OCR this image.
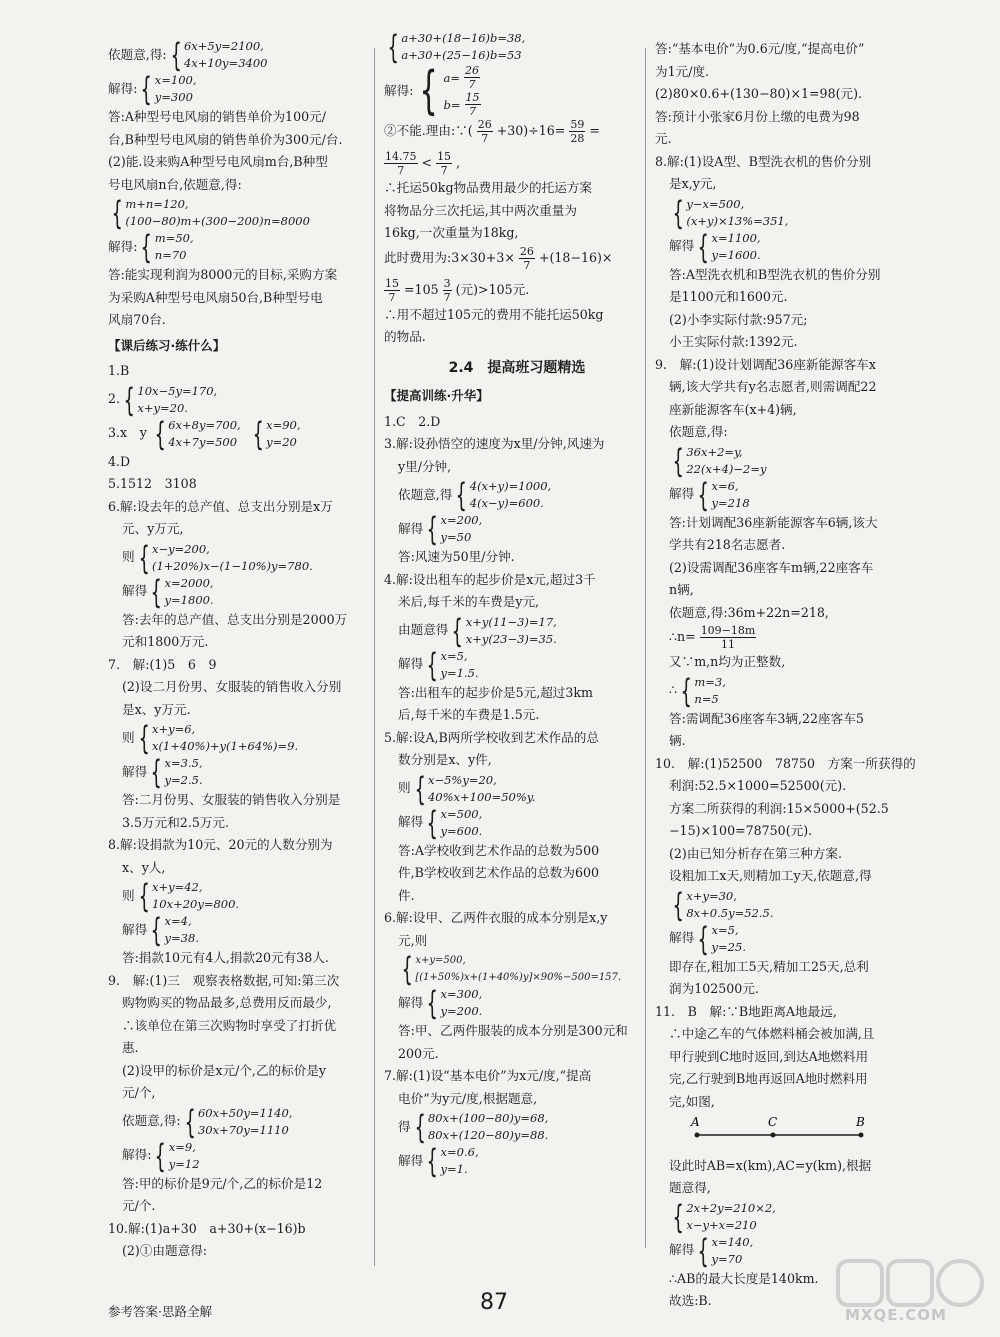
依题意,得: { 6x+5y=2100,
4x+10y=3400
解得: { x=100,
y=300
答:A种型号电风扇的销售单价为100元/
台,B种型号电风扇的销售单价为300元/台.
(2)能.设来购A种型号电风扇m台,B种型
号电风扇n台,依题意,得:
{ m+n=120,
(100−80)m+(300−200)n=8000
解得: { m=50,
n=70
答:能实现利润为8000元的目标,采购方案
为采购A种型号电风扇50台,B种型号电
风扇70台.
【课后练习·练什么】
1.B
2. { 10x−5y=170,
x+y=20.
3.x　y
{ 6x+8y=700,
4x+7y=500
{ x=90,
y=20
4.D
5.1512　3108
6.解:设去年的总产值、总支出分别是x万
元、y万元,
则 { x−y=200,
(1+20%)x−(1−10%)y=780.
解得 { x=2000,
y=1800.
答:去年的总产值、总支出分别是2000万
元和1800万元.
7.　解:(1)5　6　9
(2)设二月份男、女服装的销售收入分别
是x、y万元.
则 { x+y=6,
x(1+40%)+y(1+64%)=9.
解得 { x=3.5,
y=2.5.
答:二月份男、女服装的销售收入分别是
3.5万元和2.5万元.
8.解:设捐款为10元、20元的人数分别为
x、y人,
则 { x+y=42,
10x+20y=800.
解得 { x=4,
y=38.
答:捐款10元有4人,捐款20元有38人.
9.　解:(1)三　观察表格数据,可知:第三次
购物购买的物品最多,总费用反而最少,
∴该单位在第三次购物时享受了打折优
惠.
(2)设甲的标价是x元/个,乙的标价是y
元/个,
依题意,得: { 60x+50y=1140,
30x+70y=1110
解得: { x=9,
y=12
答:甲的标价是9元/个,乙的标价是12
元/个.
10.解:(1)a+30　a+30+(x−16)b
(2)①由题意得:
{ a+30+(18−16)b=38,
a+30+(25−16)b=53
解得: { $a= \frac{26}{7}$
$b= \frac{15}{7}$
②不能.理由:∵( $\frac{26}{7} +30)\div 16= \frac{59}{28}$ =

$\frac{14.75}{7} < \frac{15}{7}$ ,
∴托运50kg物品费用最少的托运方案
将物品分三次托运,其中两次重量为
16kg,一次重量为18kg,
此时费用为:3×30+3× $\frac{26}{7} +(18-16)\times$

$\frac{15}{7} =105 \frac{3}{7}$ (元)>105元.
∴用不超过105元的费用不能托运50kg
的物品.
2.4　提高班习题精选
【提高训练·升华】
1.C　2.D
3.解:设孙悟空的速度为x里/分钟,风速为
y里/分钟,
依题意,得 { 4(x+y)=1000,
4(x−y)=600.
解得 { x=200,
y=50
答:风速为50里/分钟.
4.解:设出租车的起步价是x元,超过3千
米后,每千米的车费是y元,
由题意得 { x+y(11−3)=17,
x+y(23−3)=35.
解得 { x=5,
y=1.5.
答:出租车的起步价是5元,超过3km
后,每千米的车费是1.5元.
5.解:设A,B两所学校收到艺术作品的总
数分别是x、y件,
则 { x−5%y=20,
40%x+100=50%y.
解得 { x=500,
y=600.
答:A学校收到艺术作品的总数为500
件,B学校收到艺术作品的总数为600
件.
6.解:设甲、乙两件衣服的成本分别是x,y
元,则
{ x+y=500,
[(1+50%)x+(1+40%)y]×90%−500=157.
解得 { x=300,
y=200.
答:甲、乙两件服装的成本分别是300元和
200元.
7.解:(1)设“基本电价”为x元/度,“提高
电价”为y元/度,根据题意,
得 { 80x+(100−80)y=68,
80x+(120−80)y=88.
解得 { x=0.6,
y=1.
答:“基本电价”为0.6元/度,“提高电价”
为1元/度.
(2)80×0.6+(130−80)×1=98(元).
答:预计小张家6月份上缴的电费为98
元.
8.解:(1)设A型、B型洗衣机的售价分别
是x,y元,
{ y−x=500,
(x+y)×13%=351,
解得 { x=1100,
y=1600.
答:A型洗衣机和B型洗衣机的售价分别
是1100元和1600元.
(2)小李实际付款:957元;
小王实际付款:1392元.
9.　解:(1)设计划调配36座新能源客车x
辆,该大学共有y名志愿者,则需调配22
座新能源客车(x+4)辆,
依题意,得:
{ 36x+2=y,
22(x+4)−2=y
解得 { x=6,
y=218
答:计划调配36座新能源客车6辆,该大
学共有218名志愿者.
(2)设需调配36座客车m辆,22座客车
n辆,
依题意,得:36m+22n=218,
∴n= $\frac{109-18m}{11}$
又∵m,n均为正整数,
∴ { m=3,
n=5
答:需调配36座客车3辆,22座客车5
辆.
10.　解:(1)52500　78750　方案一所获得的
利润:52.5×1000=52500(元).
方案二所获得的利润:15×5000+(52.5
−15)×100=78750(元).
(2)由已知分析存在第三种方案.
设粗加工x天,则精加工y天,依题意,得
{ x+y=30,
8x+0.5y=52.5.
解得 { x=5,
y=25.
即存在,粗加工5天,精加工25天,总利
润为102500元.
11.　B　解:∵B地距离A地最远,
∴中途乙车的气体燃料桶会被加满,且
甲行驶到C地时返回,到达A地燃料用
完,乙行驶到B地再返回A地时燃料用
完,如图,
A	C	B
设此时AB=x(km),AC=y(km),根据
题意得,
{ 2x+2y=210×2,
x−y+x=210
解得 { x=140,
y=70
∴AB的最大长度是140km.
故选:B.
参考答案·思路全解	87	MXQE.COM
